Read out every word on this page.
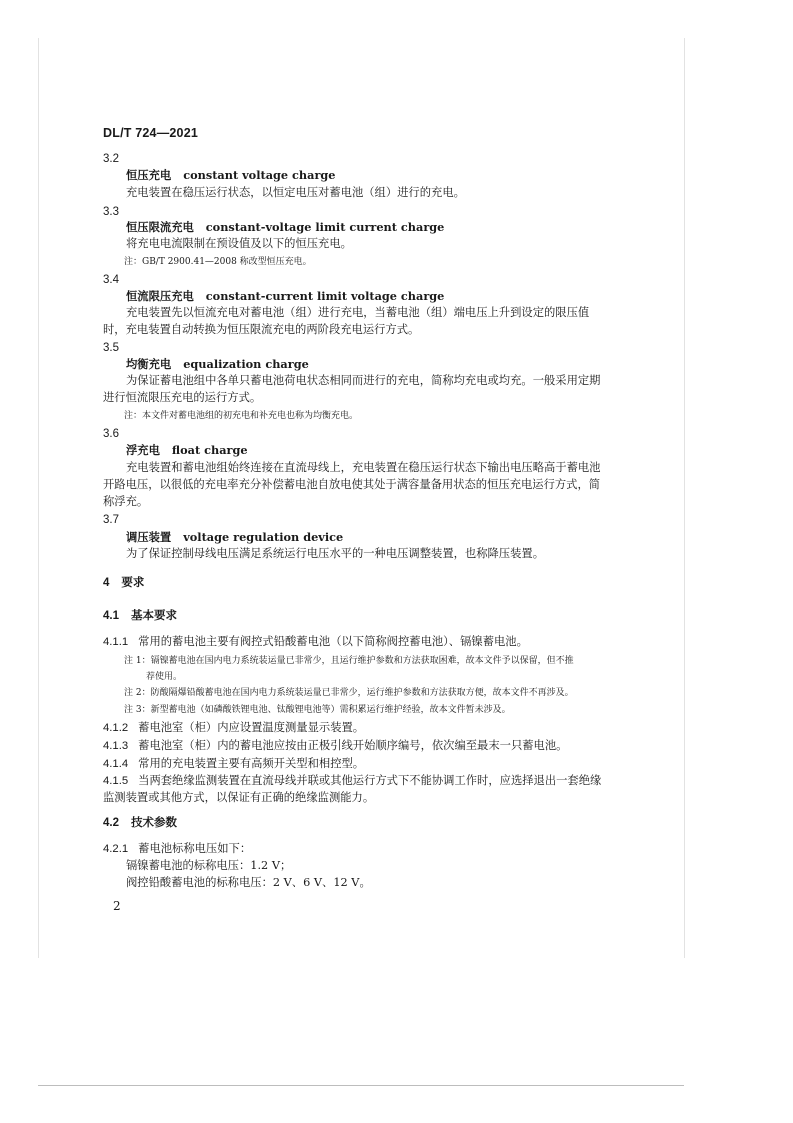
DL/T 724—2021
3.2
恒压充电 constant voltage charge
充电装置在稳压运行状态，以恒定电压对蓄电池（组）进行的充电。
3.3
恒压限流充电 constant-voltage limit current charge
将充电电流限制在预设值及以下的恒压充电。
注：GB/T 2900.41—2008 称改型恒压充电。
3.4
恒流限压充电 constant-current limit voltage charge
充电装置先以恒流充电对蓄电池（组）进行充电，当蓄电池（组）端电压上升到设定的限压值
时，充电装置自动转换为恒压限流充电的两阶段充电运行方式。
3.5
均衡充电 equalization charge
为保证蓄电池组中各单只蓄电池荷电状态相同而进行的充电，简称均充电或均充。一般采用定期
进行恒流限压充电的运行方式。
注：本文件对蓄电池组的初充电和补充电也称为均衡充电。
3.6
浮充电 float charge
充电装置和蓄电池组始终连接在直流母线上，充电装置在稳压运行状态下输出电压略高于蓄电池
开路电压，以很低的充电率充分补偿蓄电池自放电使其处于满容量备用状态的恒压充电运行方式，简
称浮充。
3.7
调压装置 voltage regulation device
为了保证控制母线电压满足系统运行电压水平的一种电压调整装置，也称降压装置。
4 要求
4.1 基本要求
4.1.1 常用的蓄电池主要有阀控式铅酸蓄电池（以下简称阀控蓄电池）、镉镍蓄电池。
注 1：镉镍蓄电池在国内电力系统装运量已非常少，且运行维护参数和方法获取困难，故本文件予以保留，但不推
荐使用。
注 2：防酸隔爆铅酸蓄电池在国内电力系统装运量已非常少，运行维护参数和方法获取方便，故本文件不再涉及。
注 3：新型蓄电池（如磷酸铁锂电池、钛酸锂电池等）需积累运行维护经验，故本文件暂未涉及。
4.1.2 蓄电池室（柜）内应设置温度测量显示装置。
4.1.3 蓄电池室（柜）内的蓄电池应按由正极引线开始顺序编号，依次编至最末一只蓄电池。
4.1.4 常用的充电装置主要有高频开关型和相控型。
4.1.5 当两套绝缘监测装置在直流母线并联或其他运行方式下不能协调工作时，应选择退出一套绝缘
监测装置或其他方式，以保证有正确的绝缘监测能力。
4.2 技术参数
4.2.1 蓄电池标称电压如下：
镉镍蓄电池的标称电压：1.2 V；
阀控铅酸蓄电池的标称电压：2 V、6 V、12 V。
2
